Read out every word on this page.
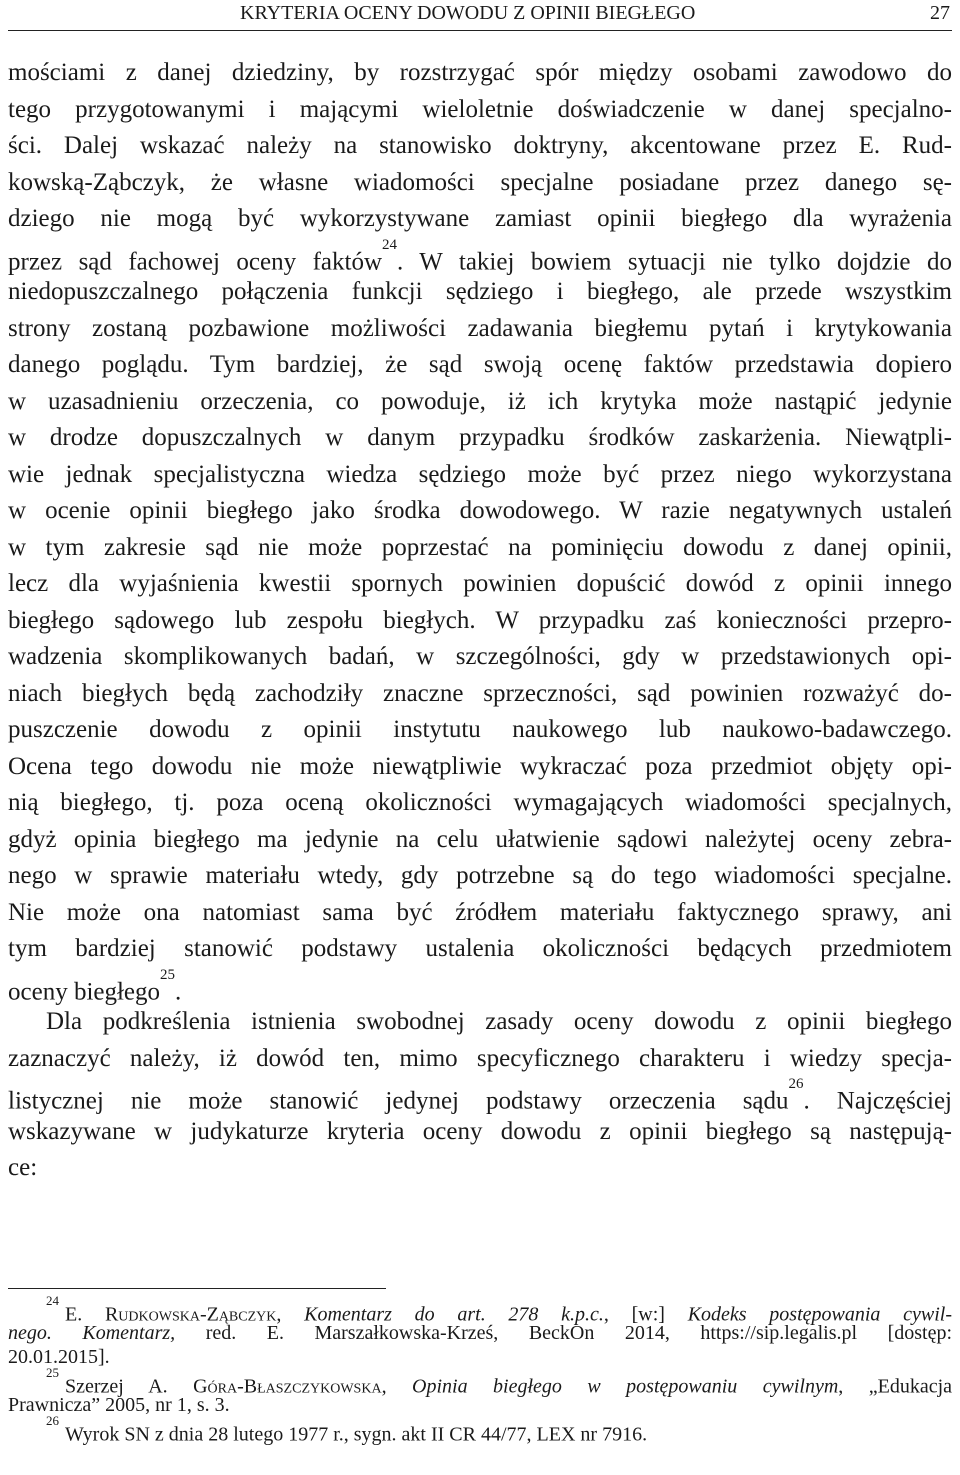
KRYTERIA OCENY DOWODU Z OPINII BIEGŁEGO	27
mościami z danej dziedziny, by rozstrzygać spór między osobami zawodowo do
tego przygotowanymi i mającymi wieloletnie doświadczenie w danej specjalno-
ści. Dalej wskazać należy na stanowisko doktryny, akcentowane przez E. Rud-
kowską-Ząbczyk, że własne wiadomości specjalne posiadane przez danego sę-
dziego nie mogą być wykorzystywane zamiast opinii biegłego dla wyrażenia
przez sąd fachowej oceny faktów$^{24}$. W takiej bowiem sytuacji nie tylko dojdzie do
niedopuszczalnego połączenia funkcji sędziego i biegłego, ale przede wszystkim
strony zostaną pozbawione możliwości zadawania biegłemu pytań i krytykowania
danego poglądu. Tym bardziej, że sąd swoją ocenę faktów przedstawia dopiero
w uzasadnieniu orzeczenia, co powoduje, iż ich krytyka może nastąpić jedynie
w drodze dopuszczalnych w danym przypadku środków zaskarżenia. Niewątpli-
wie jednak specjalistyczna wiedza sędziego może być przez niego wykorzystana
w ocenie opinii biegłego jako środka dowodowego. W razie negatywnych ustaleń
w tym zakresie sąd nie może poprzestać na pominięciu dowodu z danej opinii,
lecz dla wyjaśnienia kwestii spornych powinien dopuścić dowód z opinii innego
biegłego sądowego lub zespołu biegłych. W przypadku zaś konieczności przepro-
wadzenia skomplikowanych badań, w szczególności, gdy w przedstawionych opi-
niach biegłych będą zachodziły znaczne sprzeczności, sąd powinien rozważyć do-
puszczenie dowodu z opinii instytutu naukowego lub naukowo-badawczego.
Ocena tego dowodu nie może niewątpliwie wykraczać poza przedmiot objęty opi-
nią biegłego, tj. poza oceną okoliczności wymagających wiadomości specjalnych,
gdyż opinia biegłego ma jedynie na celu ułatwienie sądowi należytej oceny zebra-
nego w sprawie materiału wtedy, gdy potrzebne są do tego wiadomości specjalne.
Nie może ona natomiast sama być źródłem materiału faktycznego sprawy, ani
tym bardziej stanowić podstawy ustalenia okoliczności będących przedmiotem
oceny biegłego$^{25}$.
Dla podkreślenia istnienia swobodnej zasady oceny dowodu z opinii biegłego
zaznaczyć należy, iż dowód ten, mimo specyficznego charakteru i wiedzy specja-
listycznej nie może stanowić jedynej podstawy orzeczenia sądu$^{26}$. Najczęściej
wskazywane w judykaturze kryteria oceny dowodu z opinii biegłego są następują-
ce:
$^{24}$E. Rudkowska-Ząbczyk, Komentarz do art. 278 k.p.c., [w:] Kodeks postępowania cywil-
nego. Komentarz, red. E. Marszałkowska-Krześ, BeckOn 2014, https://sip.legalis.pl [dostęp:
20.01.2015].
$^{25}$Szerzej A. Góra-Błaszczykowska, Opinia biegłego w postępowaniu cywilnym, „Edukacja
Prawnicza” 2005, nr 1, s. 3.
$^{26}$Wyrok SN z dnia 28 lutego 1977 r., sygn. akt II CR 44/77, LEX nr 7916.
